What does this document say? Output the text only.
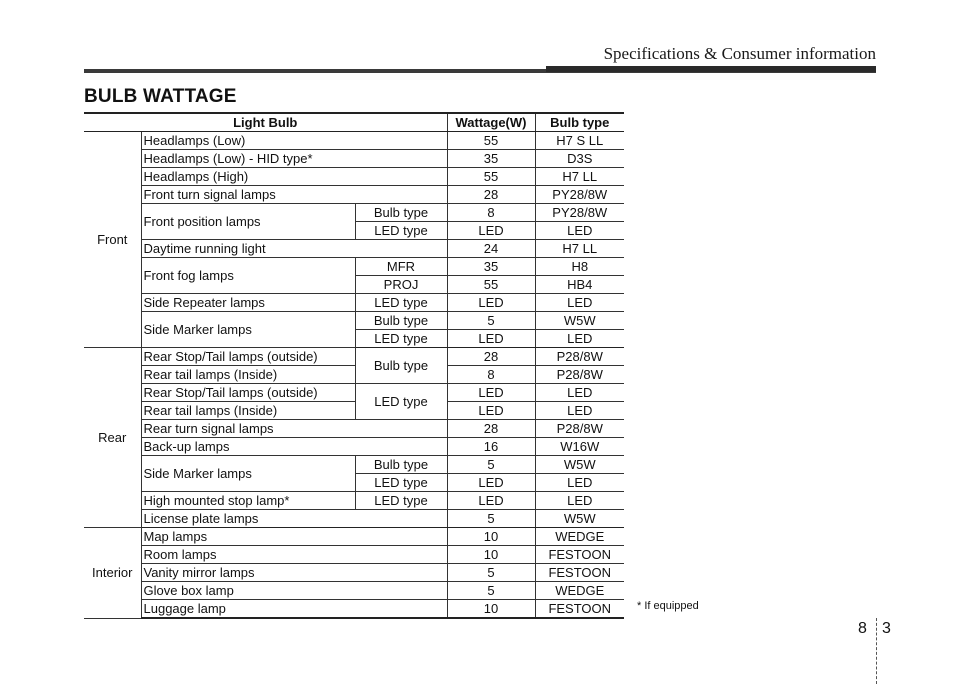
Specifications & Consumer information
BULB WATTAGE
Light Bulb			Wattage(W)	Bulb type
Front	Headlamps (Low)		55	H7 S LL
	Headlamps (Low) - HID type*		35	D3S
	Headlamps (High)		55	H7 LL
	Front turn signal lamps		28	PY28/8W
	Front position lamps	Bulb type	8	PY28/8W
		LED type	LED	LED
	Daytime running light		24	H7 LL
	Front fog lamps	MFR	35	H8
		PROJ	55	HB4
	Side Repeater lamps	LED type	LED	LED
	Side Marker lamps	Bulb type	5	W5W
		LED type	LED	LED
Rear	Rear Stop/Tail lamps (outside)	Bulb type	28	P28/8W
	Rear tail lamps (Inside)		8	P28/8W
	Rear Stop/Tail lamps (outside)	LED type	LED	LED
	Rear tail lamps (Inside)		LED	LED
	Rear turn signal lamps		28	P28/8W
	Back-up lamps		16	W16W
	Side Marker lamps	Bulb type	5	W5W
		LED type	LED	LED
	High mounted stop lamp*	LED type	LED	LED
	License plate lamps		5	W5W
Interior	Map lamps		10	WEDGE
	Room lamps		10	FESTOON
	Vanity mirror lamps		5	FESTOON
	Glove box lamp		5	WEDGE
	Luggage lamp		10	FESTOON * If equipped
8 3
